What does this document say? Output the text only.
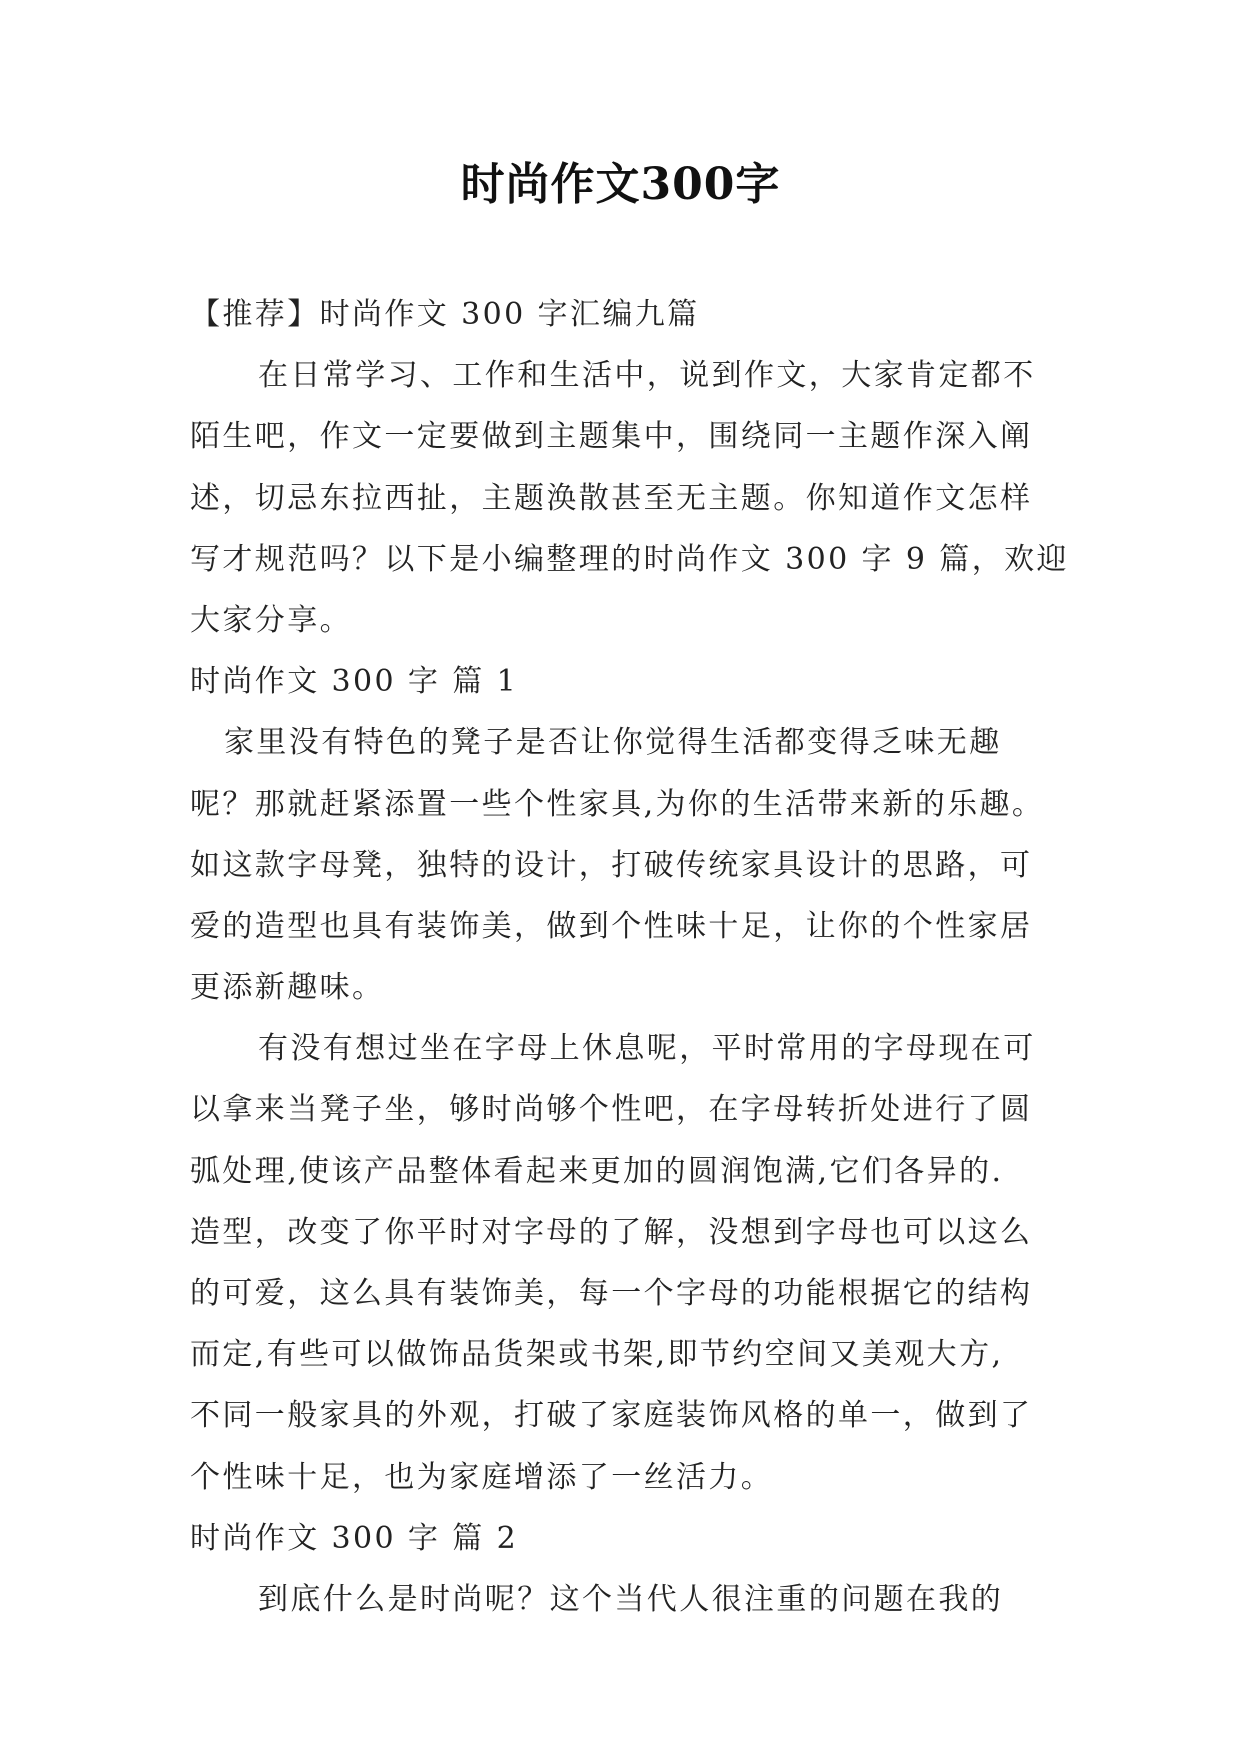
时尚作文300字
【推荐】时尚作文 300 字汇编九篇
在日常学习、工作和生活中，说到作文，大家肯定都不
陌生吧，作文一定要做到主题集中，围绕同一主题作深入阐
述，切忌东拉西扯，主题涣散甚至无主题。你知道作文怎样
写才规范吗？以下是小编整理的时尚作文 300 字 9 篇，欢迎
大家分享。
时尚作文 300 字 篇 1
家里没有特色的凳子是否让你觉得生活都变得乏味无趣
呢？那就赶紧添置一些个性家具,为你的生活带来新的乐趣。
如这款字母凳，独特的设计，打破传统家具设计的思路，可
爱的造型也具有装饰美，做到个性味十足，让你的个性家居
更添新趣味。
有没有想过坐在字母上休息呢，平时常用的字母现在可
以拿来当凳子坐，够时尚够个性吧，在字母转折处进行了圆
弧处理,使该产品整体看起来更加的圆润饱满,它们各异的.
造型，改变了你平时对字母的了解，没想到字母也可以这么
的可爱，这么具有装饰美，每一个字母的功能根据它的结构
而定,有些可以做饰品货架或书架,即节约空间又美观大方,
不同一般家具的外观，打破了家庭装饰风格的单一，做到了
个性味十足，也为家庭增添了一丝活力。
时尚作文 300 字 篇 2
到底什么是时尚呢？这个当代人很注重的问题在我的
